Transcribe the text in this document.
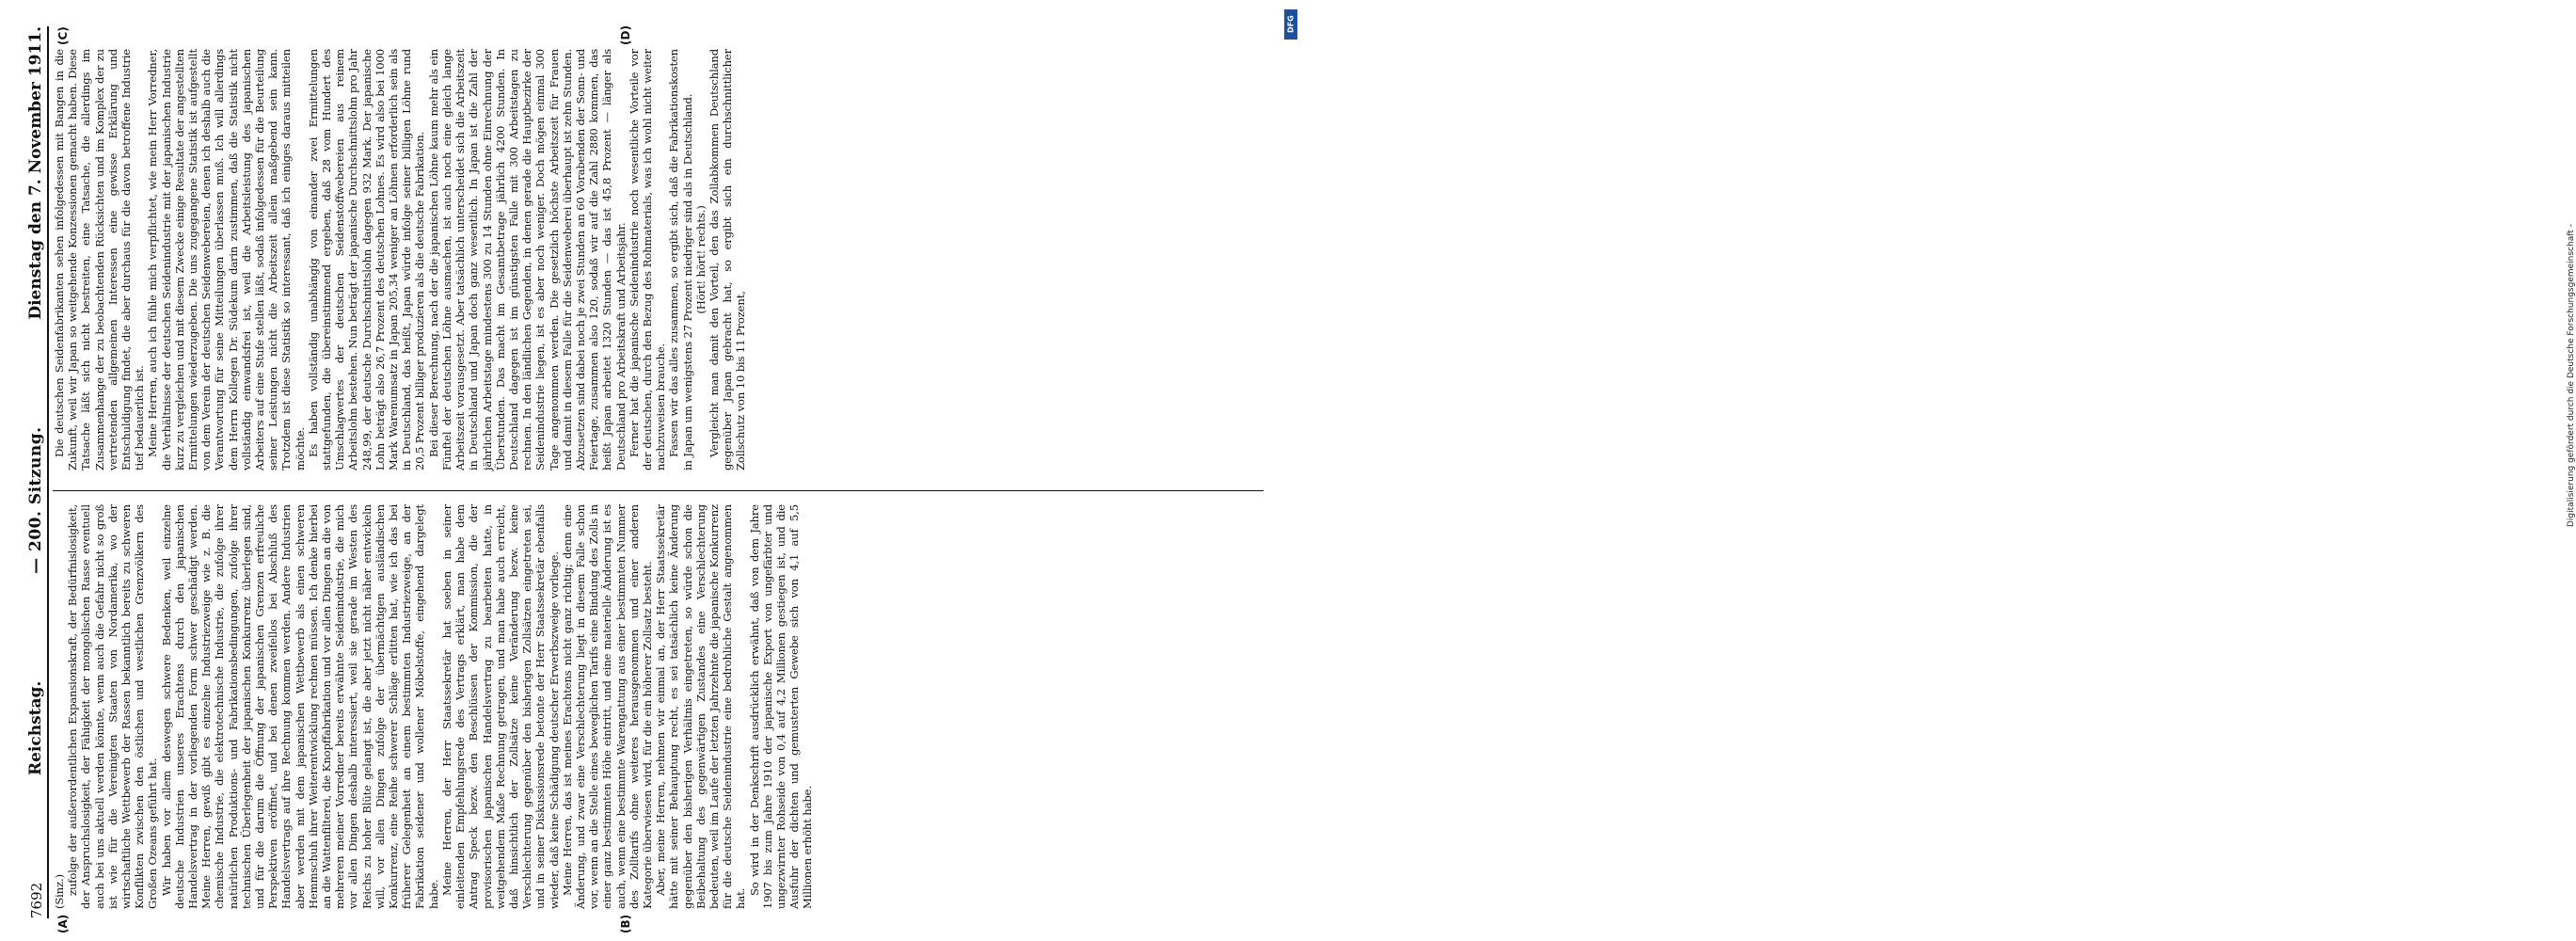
7692
Reichstag.
— 200. Sitzung.
Dienstag den 7. November 1911.
(A)	(B)
(C)	(D)

(Sinz.) zufolge der außerordentlichen Expansionskraft, der Bedürfnislosigkeit, der Anspruchslosigkeit, der Fähigkeit der mongolischen Rasse eventuell auch bei uns aktuell werden könnte, wenn auch die Gefahr nicht so groß ist wie für die Vereinigten Staaten von Nordamerika, wo der wirtschaftliche Wettbewerb der Rassen bekanntlich bereits zu schweren Konflikten zwischen den östlichen und westlichen Grenzvölkern des Großen Ozeans geführt hat. Wir haben vor allem deswegen schwere Bedenken, weil einzelne deutsche Industrien unseres Erachtens durch den japanischen Handelsvertrag in der vorliegenden Form schwer geschädigt werden. Meine Herren, gewiß gibt es einzelne Industriezweige wie z. B. die chemische Industrie, die elektrotechnische Industrie, die zufolge ihrer natürlichen Produktions- und Fabrikationsbedingungen, zufolge ihrer technischen Überlegenheit der japanischen Konkurrenz überlegen sind, und für die darum die Öffnung der japanischen Grenzen erfreuliche Perspektiven eröffnet, und bei denen zweifellos bei Abschluß des Handelsvertrags auf ihre Rechnung kommen werden. Andere Industrien aber werden mit dem japanischen Wettbewerb als einen schweren Hemmschuh ihrer Weiterentwicklung rechnen müssen. Ich denke hierbei an die Wattenfilterei, die Knopffabrikation und vor allen Dingen an die von mehreren meiner Vorredner bereits erwähnte Seidenindustrie, die mich vor allen Dingen deshalb interessiert, weil sie gerade im Westen des Reichs zu hoher Blüte gelangt ist, die aber jetzt nicht näher entwickeln will, vor allen Dingen zufolge der übermächtigen ausländischen Konkurrenz, eine Reihe schwerer Schläge erlitten hat, wie ich das bei früherer Gelegenheit an einem bestimmten Industriezweige, an der Fabrikation seidener und wollener Möbelstoffe, eingehend dargelegt habe. Meine Herren, der Herr Staatssekretär hat soeben in seiner einleitenden Empfehlungsrede des Vertrags erklärt, man habe dem Antrag Speck bezw. den Beschlüssen der Kommission, die der provisorischen japanischen Handelsvertrag zu bearbeiten hatte, in weitgehendem Maße Rechnung getragen, und man habe auch erreicht, daß hinsichtlich der Zollsätze keine Veränderung bezw. keine Verschlechterung gegenüber den bisherigen Zollsätzen eingetreten sei, und in seiner Diskussionsrede betonte der Herr Staatssekretär ebenfalls wieder, daß keine Schädigung deutscher Erwerbszweige vorliege. Meine Herren, das ist meines Erachtens nicht ganz richtig; denn eine Änderung, und zwar eine Verschlechterung liegt in diesem Falle schon vor, wenn an die Stelle eines beweglichen Tarifs eine Bindung des Zolls in einer ganz bestimmten Höhe eintritt, und eine materielle Änderung ist es auch, wenn eine bestimmte Warengattung aus einer bestimmten Nummer des Zolltarifs ohne weiteres herausgenommen und einer anderen Kategorie überwiesen wird, für die ein höherer Zollsatz besteht. Aber, meine Herren, nehmen wir einmal an, der Herr Staatssekretär hätte mit seiner Behauptung recht, es sei tatsächlich keine Änderung gegenüber den bisherigen Verhältnis eingetreten, so würde schon die Beibehaltung des gegenwärtigen Zustandes eine Verschlechterung bedeuten, weil im Laufe der letzten Jahrzehnte die japanische Konkurrenz für die deutsche Seidenindustrie eine bedrohliche Gestalt angenommen hat.

So wird in der Denkschrift ausdrücklich erwähnt, daß von dem Jahre 1907 bis zum Jahre 1910 der japanische Export von ungefärbter und ungezwirnter Rohseide von 0,4 auf 4,2 Millionen gestiegen ist, und die Ausfuhr der dichten und gemusterten Gewebe sich von 4,1 auf 5,5 Millionen erhöht habe.

Die deutschen Seidenfabrikanten sehen infolgedessen mit Bangen in die Zukunft, weil wir Japan so weitgehende Konzessionen gemacht haben. Diese Tatsache läßt sich nicht bestreiten, eine Tatsache, die allerdings im Zusammenhange der zu beobachtenden Rücksichten und im Komplex der zu vertretenden allgemeinen Interessen eine gewisse Erklärung und Entschuldigung findet, die aber durchaus für die davon betroffene Industrie tief bedauerlich ist. Meine Herren, auch ich fühle mich verpflichtet, wie mein Herr Vorredner, die Verhältnisse der deutschen Seidenindustrie mit der japanischen Industrie kurz zu vergleichen und mit diesem Zwecke einige Resultate der angestellten Ermittelungen wiederzugeben. Die uns zugegangene Statistik ist aufgestellt von dem Verein der deutschen Seidenwebereien, denen ich deshalb auch die Verantwortung für seine Mitteilungen überlassen muß. Ich will allerdings dem Herrn Kollegen Dr. Südekum darin zustimmen, daß die Statistik nicht vollständig einwandsfrei ist, weil die Arbeitsleistung des japanischen Arbeiters auf eine Stufe stellen läßt, sodaß infolgedessen für die Beurteilung seiner Leistungen nicht die Arbeitszeit allein maßgebend sein kann. Trotzdem ist diese Statistik so interessant, daß ich einiges daraus mitteilen möchte. Es haben vollständig unabhängig von einander zwei Ermittelungen stattgefunden, die übereinstimmend ergeben, daß 28 vom Hundert des Umschlagwertes der deutschen Seidenstoffwebereien aus reinem Arbeitslohn bestehen. Nun beträgt der japanische Durchschnittslohn pro Jahr 248,99, der deutsche Durchschnittslohn dagegen 932 Mark. Der japanische Lohn beträgt also 26,7 Prozent des deutschen Lohnes. Es wird also bei 1000 Mark Warenumsatz in Japan 205,34 weniger an Löhnen erforderlich sein als in Deutschland, das heißt, Japan würde infolge seiner billigen Löhne rund 20,5 Prozent billiger produzieren als die deutsche Fabrikation. Bei dieser Berechnung, nach der die japanischen Löhne kaum mehr als ein Fünftel der deutschen Löhne ausmachen, ist auch noch eine gleich lange Arbeitszeit vorausgesetzt. Aber tatsächlich unterscheidet sich die Arbeitszeit in Deutschland und Japan doch ganz wesentlich. In Japan ist die Zahl der jährlichen Arbeitstage mindestens 300 zu 14 Stunden ohne Einrechnung der Überstunden. Das macht im Gesamtbetrage jährlich 4200 Stunden. In Deutschland dagegen ist im günstigsten Falle mit 300 Arbeitstagen zu rechnen. In den ländlichen Gegenden, in denen gerade die Hauptbezirke der Seidenindustrie liegen, ist es aber noch weniger. Doch mögen einmal 300 Tage angenommen werden. Die gesetzlich höchste Arbeitszeit für Frauen und damit in diesem Falle für die Seidenweberei überhaupt ist zehn Stunden. Abzusetzen sind dabei noch je zwei Stunden an 60 Vorabenden der Sonn- und Feiertage, zusammen also 120, sodaß wir auf die Zahl 2880 kommen, das heißt Japan arbeitet 1320 Stunden — das ist 45,8 Prozent — länger als Deutschland pro Arbeitskraft und Arbeitsjahr. Ferner hat die japanische Seidenindustrie noch wesentliche Vorteile vor der deutschen, durch den Bezug des Rohmaterials, was ich wohl nicht weiter nachzuweisen brauche. Fassen wir das alles zusammen, so ergibt sich, daß die Fabrikationskosten in Japan um wenigstens 27 Prozent niedriger sind als in Deutschland. (Hört! hört! rechts.) Vergleicht man damit den Vorteil, den das Zollabkommen Deutschland gegenüber Japan gebracht hat, so ergibt sich ein durchschnittlicher Zollschutz von 10 bis 11 Prozent,

DFG
Digitalisierung gefördert durch die Deutsche Forschungsgemeinschaft -
